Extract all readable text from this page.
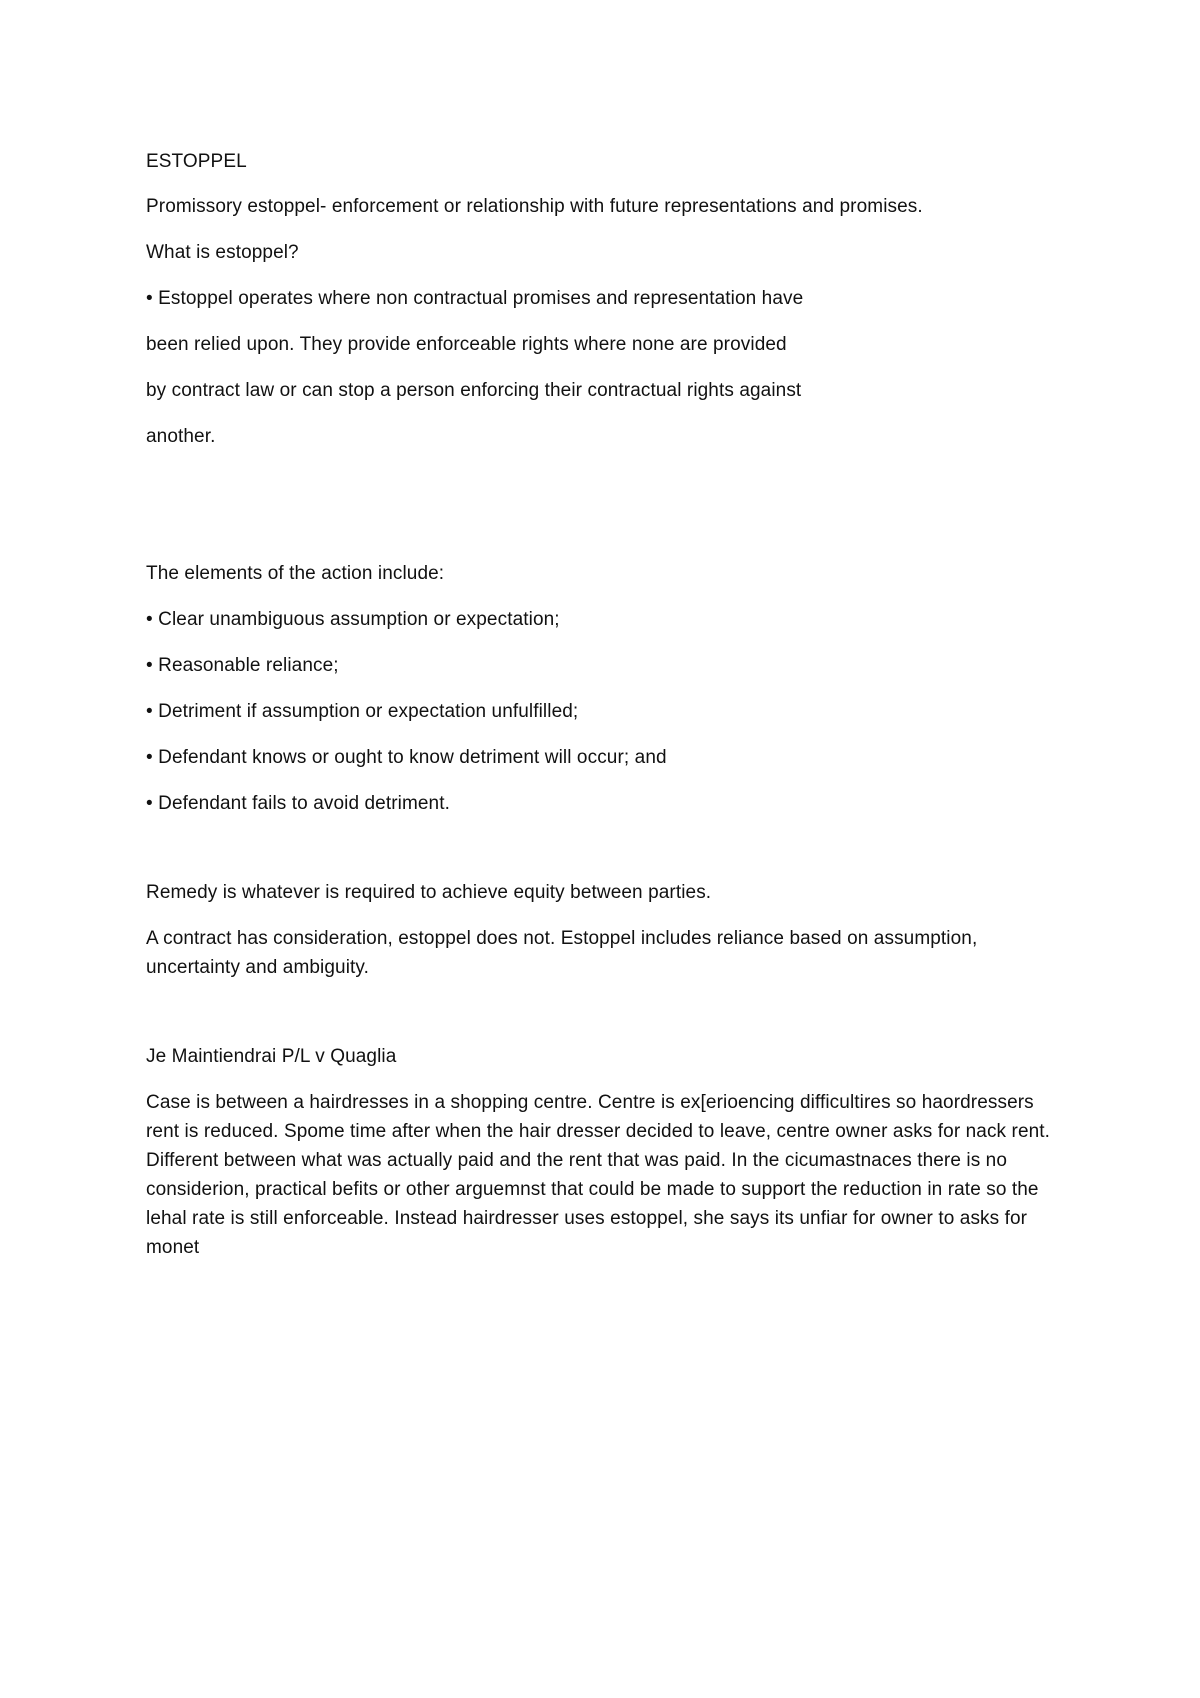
ESTOPPEL
Promissory estoppel- enforcement or relationship with future representations and promises.
What is estoppel?
• Estoppel operates where non contractual promises and representation have
been relied upon. They provide enforceable rights where none are provided
by contract law or can stop a person enforcing their contractual rights against
another.
The elements of the action include:
• Clear unambiguous assumption or expectation;
• Reasonable reliance;
• Detriment if assumption or expectation unfulfilled;
• Defendant knows or ought to know detriment will occur; and
• Defendant fails to avoid detriment.
Remedy is whatever is required to achieve equity between parties.
A contract has consideration, estoppel does not. Estoppel includes reliance based on assumption, uncertainty and ambiguity.
Je Maintiendrai P/L v Quaglia
Case is between a hairdresses in a shopping centre. Centre is ex[erioencing difficultires so haordressers rent is reduced. Spome time after when the hair dresser decided to leave, centre owner asks for nack rent. Different between what was actually paid and the rent that was paid. In the cicumastnaces there is no considerion, practical befits or other arguemnst that could be made to support the reduction in rate so the lehal rate is still enforceable. Instead hairdresser uses estoppel, she says its unfiar for owner to asks for monet
